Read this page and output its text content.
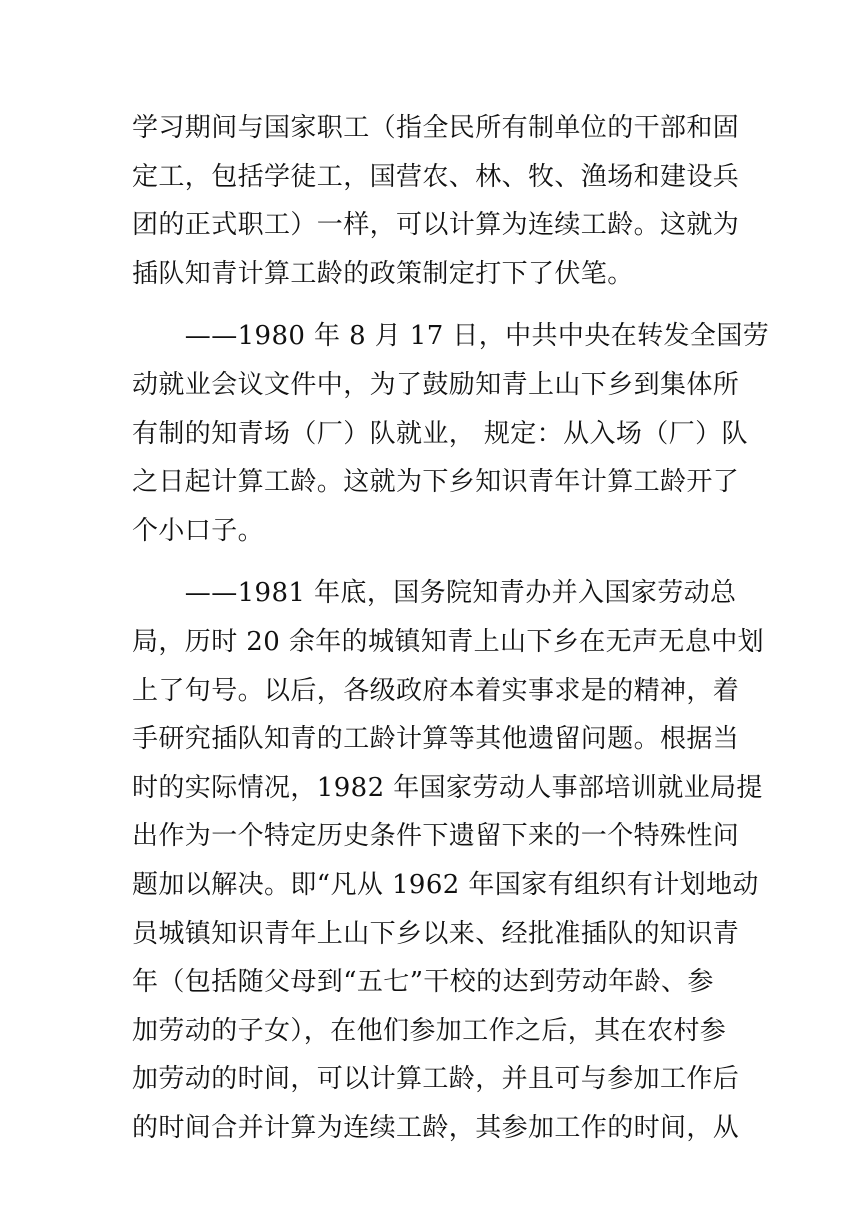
学习期间与国家职工（指全民所有制单位的干部和固
定工，包括学徒工，国营农、林、牧、渔场和建设兵
团的正式职工）一样，可以计算为连续工龄。这就为
插队知青计算工龄的政策制定打下了伏笔。
　　——1980 年 8 月 17 日，中共中央在转发全国劳
动就业会议文件中，为了鼓励知青上山下乡到集体所
有制的知青场（厂）队就业， 规定：从入场（厂）队
之日起计算工龄。这就为下乡知识青年计算工龄开了
个小口子。
　　——1981 年底，国务院知青办并入国家劳动总
局，历时 20 余年的城镇知青上山下乡在无声无息中划
上了句号。以后，各级政府本着实事求是的精神，着
手研究插队知青的工龄计算等其他遗留问题。根据当
时的实际情况，1982 年国家劳动人事部培训就业局提
出作为一个特定历史条件下遗留下来的一个特殊性问
题加以解决。即“凡从 1962 年国家有组织有计划地动
员城镇知识青年上山下乡以来、经批准插队的知识青
年（包括随父母到“五七”干校的达到劳动年龄、参
加劳动的子女），在他们参加工作之后，其在农村参
加劳动的时间，可以计算工龄，并且可与参加工作后
的时间合并计算为连续工龄，其参加工作的时间，从
